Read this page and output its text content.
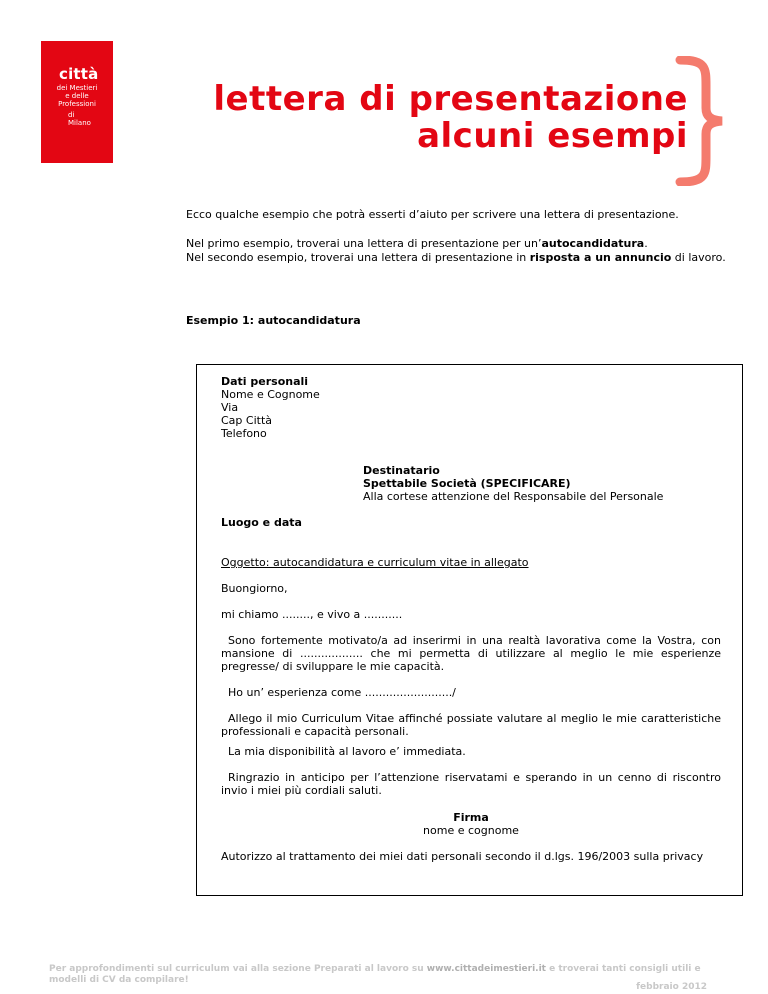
città
dei Mestieri
e delle Professioni
di
Milano
lettera di presentazione
alcuni esempi
Ecco qualche esempio che potrà esserti d’aiuto per scrivere una lettera di presentazione.
Nel primo esempio, troverai una lettera di presentazione per un’autocandidatura.
Nel secondo esempio, troverai una lettera di presentazione in risposta a un annuncio di lavoro.
Esempio 1: autocandidatura
Dati personali
Nome e Cognome
Via
Cap Città
Telefono
Destinatario
Spettabile Società (SPECIFICARE)
Alla cortese attenzione del Responsabile del Personale
Luogo e data
Oggetto: autocandidatura e curriculum vitae in allegato
Buongiorno,
mi chiamo ........, e vivo a ...........
Sono fortemente motivato/a ad inserirmi in una realtà lavorativa come la Vostra, con mansione di .................. che mi permetta di utilizzare al meglio le mie esperienze pregresse/ di sviluppare le mie capacità.
Ho un’ esperienza come ........................./
Allego il mio Curriculum Vitae affinché possiate valutare al meglio le mie caratteristiche professionali e capacità personali.
La mia disponibilità al lavoro e’ immediata.
Ringrazio in anticipo per l’attenzione riservatami e sperando in un cenno di riscontro invio i miei più cordiali saluti.
Firma
nome e cognome
Autorizzo al trattamento dei miei dati personali secondo il d.lgs. 196/2003 sulla privacy
Per approfondimenti sul curriculum vai alla sezione Preparati al lavoro su www.cittadeimestieri.it e troverai tanti consigli utili e modelli di CV da compilare!
febbraio 2012
